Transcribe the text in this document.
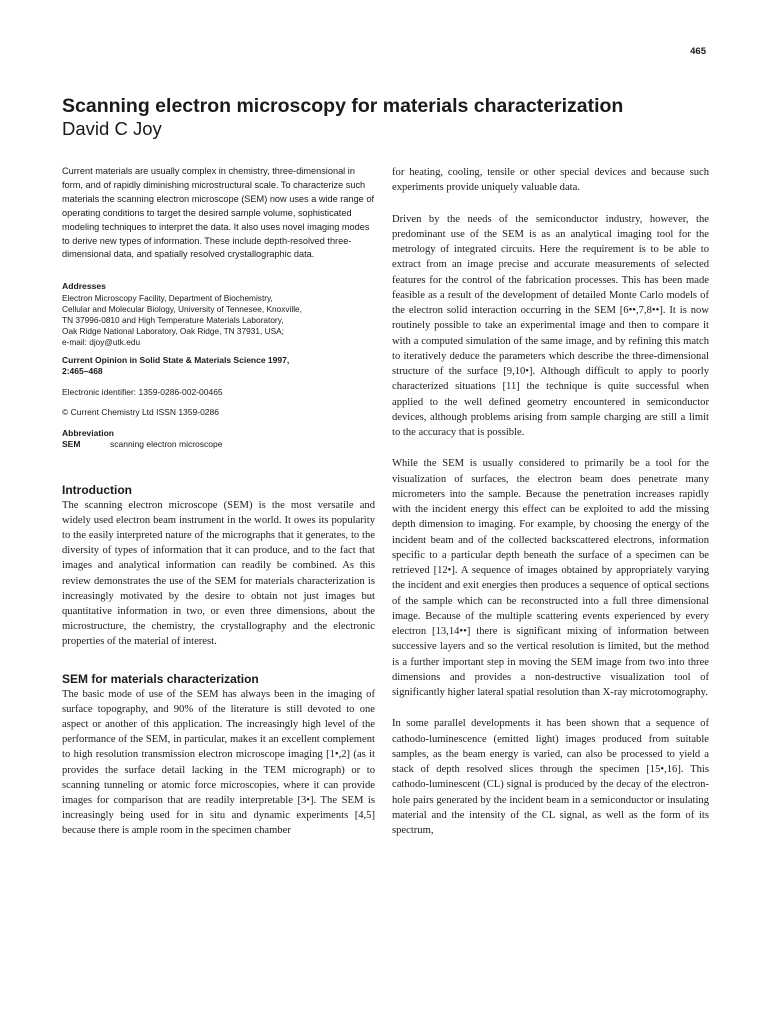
465
Scanning electron microscopy for materials characterization
David C Joy

Current materials are usually complex in chemistry, three-dimensional in form, and of rapidly diminishing microstructural scale. To characterize such materials the scanning electron microscope (SEM) now uses a wide range of operating conditions to target the desired sample volume, sophisticated modeling techniques to interpret the data. It also uses novel imaging modes to derive new types of information. These include depth-resolved three-dimensional data, and spatially resolved crystallographic data.

Addresses
Electron Microscopy Facility, Department of Biochemistry,
Cellular and Molecular Biology, University of Tennesee, Knoxville,
TN 37996-0810 and High Temperature Materials Laboratory,
Oak Ridge National Laboratory, Oak Ridge, TN 37931, USA;
e-mail: djoy@utk.edu
Current Opinion in Solid State & Materials Science 1997,
2:465–468
Electronic identifier: 1359-0286-002-00465
© Current Chemistry Ltd ISSN 1359-0286
Abbreviation
SEM	scanning electron microscope
Introduction

The scanning electron microscope (SEM) is the most versatile and widely used electron beam instrument in the world. It owes its popularity to the easily interpreted nature of the micrographs that it generates, to the diversity of types of information that it can produce, and to the fact that images and analytical information can readily be combined. As this review demonstrates the use of the SEM for materials characterization is increasingly motivated by the desire to obtain not just images but quantitative information in two, or even three dimensions, about the microstructure, the chemistry, the crystallography and the electronic properties of the material of interest.

SEM for materials characterization

The basic mode of use of the SEM has always been in the imaging of surface topography, and 90% of the literature is still devoted to one aspect or another of this application. The increasingly high level of the performance of the SEM, in particular, makes it an excellent complement to high resolution transmission electron microscope imaging [1•,2] (as it provides the surface detail lacking in the TEM micrograph) or to scanning tunneling or atomic force microscopies, where it can provide images for comparison that are readily interpretable [3•]. The SEM is increasingly being used for in situ and dynamic experiments [4,5] because there is ample room in the specimen chamber

for heating, cooling, tensile or other special devices and because such experiments provide uniquely valuable data.

Driven by the needs of the semiconductor industry, however, the predominant use of the SEM is as an analytical imaging tool for the metrology of integrated circuits. Here the requirement is to be able to extract from an image precise and accurate measurements of selected features for the control of the fabrication processes. This has been made feasible as a result of the development of detailed Monte Carlo models of the electron solid interaction occurring in the SEM [6••,7,8••]. It is now routinely possible to take an experimental image and then to compare it with a computed simulation of the same image, and by refining this match to iteratively deduce the parameters which describe the three-dimensional structure of the surface [9,10•]. Although difficult to apply to poorly characterized situations [11] the technique is quite successful when applied to the well defined geometry encountered in semiconductor devices, although problems arising from sample charging are still a limit to the accuracy that is possible.

While the SEM is usually considered to primarily be a tool for the visualization of surfaces, the electron beam does penetrate many micrometers into the sample. Because the penetration increases rapidly with the incident energy this effect can be exploited to add the missing depth dimension to imaging. For example, by choosing the energy of the incident beam and of the collected backscattered electrons, information specific to a particular depth beneath the surface of a specimen can be retrieved [12•]. A sequence of images obtained by appropriately varying the incident and exit energies then produces a sequence of optical sections of the sample which can be reconstructed into a full three dimensional image. Because of the multiple scattering events experienced by every electron [13,14••] there is significant mixing of information between successive layers and so the vertical resolution is limited, but the method is a further important step in moving the SEM image from two into three dimensions and provides a non-destructive visualization tool of significantly higher lateral spatial resolution than X-ray microtomography.

In some parallel developments it has been shown that a sequence of cathodo-luminescence (emitted light) images produced from suitable samples, as the beam energy is varied, can also be processed to yield a stack of depth resolved slices through the specimen [15•,16]. This cathodo-luminescent (CL) signal is produced by the decay of the electron-hole pairs generated by the incident beam in a semiconductor or insulating material and the intensity of the CL signal, as well as the form of its spectrum,
